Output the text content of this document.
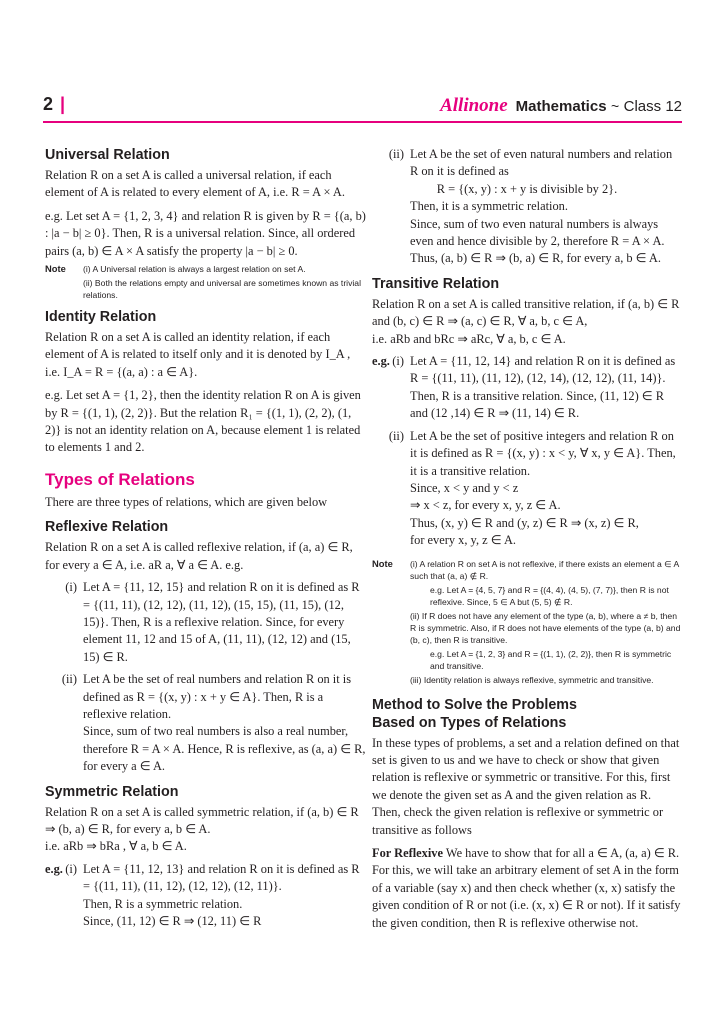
2 |	Allinone Mathematics ~ Class 12
Universal Relation
Relation R on a set A is called a universal relation, if each element of A is related to every element of A, i.e. R = A × A.
e.g. Let set A = {1, 2, 3, 4} and relation R is given by R = {(a, b) : |a − b| ≥ 0}. Then, R is a universal relation. Since, all ordered pairs (a, b) ∈ A × A satisfy the property |a − b| ≥ 0.
Note	(i) A Universal relation is always a largest relation on set A.
(ii) Both the relations empty and universal are sometimes known as trivial relations.
Identity Relation
Relation R on a set A is called an identity relation, if each element of A is related to itself only and it is denoted by I_A , i.e. I_A = R = {(a, a) : a ∈ A}.
e.g. Let set A = {1, 2}, then the identity relation R on A is given by R = {(1, 1), (2, 2)}. But the relation R₁ = {(1, 1), (2, 2), (1, 2)} is not an identity relation on A, because element 1 is related to elements 1 and 2.
Types of Relations
There are three types of relations, which are given below
Reflexive Relation
Relation R on a set A is called reflexive relation, if (a, a) ∈ R, for every a ∈ A, i.e. aR a, ∀ a ∈ A. e.g.
(i) Let A = {11, 12, 15} and relation R on it is defined as R = {(11, 11), (12, 12), (11, 12), (15, 15), (11, 15), (12, 15)}. Then, R is a reflexive relation. Since, for every element 11, 12 and 15 of A, (11, 11), (12, 12) and (15, 15) ∈ R.
(ii) Let A be the set of real numbers and relation R on it is defined as R = {(x, y) : x + y ∈ A}. Then, R is a reflexive relation.
Since, sum of two real numbers is also a real number, therefore R = A × A. Hence, R is reflexive, as (a, a) ∈ R, for every a ∈ A.
Symmetric Relation
Relation R on a set A is called symmetric relation, if (a, b) ∈ R ⇒ (b, a) ∈ R, for every a, b ∈ A.
i.e. aRb ⇒ bRa , ∀ a, b ∈ A.
e.g. (i) Let A = {11, 12, 13} and relation R on it is defined as R = {(11, 11), (11, 12), (12, 12), (12, 11)}.
Then, R is a symmetric relation.
Since, (11, 12) ∈ R ⇒ (12, 11) ∈ R
(ii) Let A be the set of even natural numbers and relation R on it is defined as
R = {(x, y) : x + y is divisible by 2}.
Then, it is a symmetric relation.
Since, sum of two even natural numbers is always even and hence divisible by 2, therefore R = A × A. Thus, (a, b) ∈ R ⇒ (b, a) ∈ R, for every a, b ∈ A.
Transitive Relation
Relation R on a set A is called transitive relation, if (a, b) ∈ R and (b, c) ∈ R ⇒ (a, c) ∈ R, ∀ a, b, c ∈ A,
i.e. aRb and bRc ⇒ aRc, ∀ a, b, c ∈ A.
e.g. (i) Let A = {11, 12, 14} and relation R on it is defined as R = {(11, 11), (11, 12), (12, 14), (12, 12), (11, 14)}. Then, R is a transitive relation. Since, (11, 12) ∈ R and (12 ,14) ∈ R ⇒ (11, 14) ∈ R.
(ii) Let A be the set of positive integers and relation R on it is defined as R = {(x, y) : x < y, ∀ x, y ∈ A}. Then, it is a transitive relation.
Since, x < y and y < z
⇒ x < z, for every x, y, z ∈ A.
Thus, (x, y) ∈ R and (y, z) ∈ R ⇒ (x, z) ∈ R,
for every x, y, z ∈ A.
Note	(i) A relation R on set A is not reflexive, if there exists an element a ∈ A such that (a, a) ∉ R.
e.g. Let A = {4, 5, 7} and R = {(4, 4), (4, 5), (7, 7)}, then R is not reflexive. Since, 5 ∈ A but (5, 5) ∉ R.
(ii) If R does not have any element of the type (a, b), where a ≠ b, then R is symmetric. Also, if R does not have elements of the type (a, b) and (b, c), then R is transitive.
e.g. Let A = {1, 2, 3} and R = {(1, 1), (2, 2)}, then R is symmetric and transitive.
(iii) Identity relation is always reflexive, symmetric and transitive.
Method to Solve the Problems
Based on Types of Relations
In these types of problems, a set and a relation defined on that set is given to us and we have to check or show that given relation is reflexive or symmetric or transitive. For this, first we denote the given set as A and the given relation as R. Then, check the given relation is reflexive or symmetric or transitive as follows
For Reflexive We have to show that for all a ∈ A, (a, a) ∈ R. For this, we will take an arbitrary element of set A in the form of a variable (say x) and then check whether (x, x) satisfy the given condition of R or not (i.e. (x, x) ∈ R or not). If it satisfy the given condition, then R is reflexive otherwise not.
